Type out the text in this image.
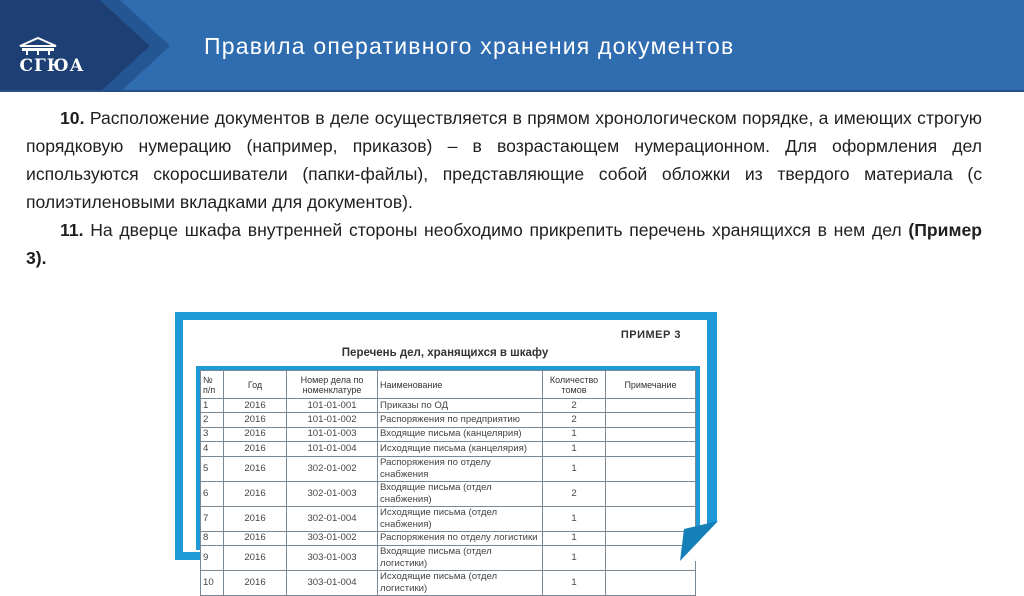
СГЮА
Правила оперативного хранения документов

10. Расположение документов в деле осуществляется в прямом хронологическом порядке, а имеющих строгую порядковую нумерацию (например, приказов) – в возрастающем нумерационном. Для оформления дел используются скоросшиватели (папки-файлы), представляющие собой обложки из твердого материала (с полиэтиленовыми вкладками для документов).

11. На дверце шкафа внутренней стороны необходимо прикрепить перечень хранящихся в нем дел (Пример 3).

ПРИМЕР 3
Перечень дел, хранящихся в шкафу
№ п/п	Год	Номер дела по номенклатуре	Наименование	Количество томов	Примечание
1	2016	101-01-001	Приказы по ОД	2	
2	2016	101-01-002	Распоряжения по предприятию	2	
3	2016	101-01-003	Входящие письма (канцелярия)	1	
4	2016	101-01-004	Исходящие письма (канцелярия)	1	
5	2016	302-01-002	Распоряжения по отделу снабжения	1	
6	2016	302-01-003	Входящие письма (отдел снабжения)	2	
7	2016	302-01-004	Исходящие письма (отдел снабжения)	1	
8	2016	303-01-002	Распоряжения по отделу логистики	1	
9	2016	303-01-003	Входящие письма (отдел логистики)	1	
10	2016	303-01-004	Исходящие письма (отдел логистики)	1	
